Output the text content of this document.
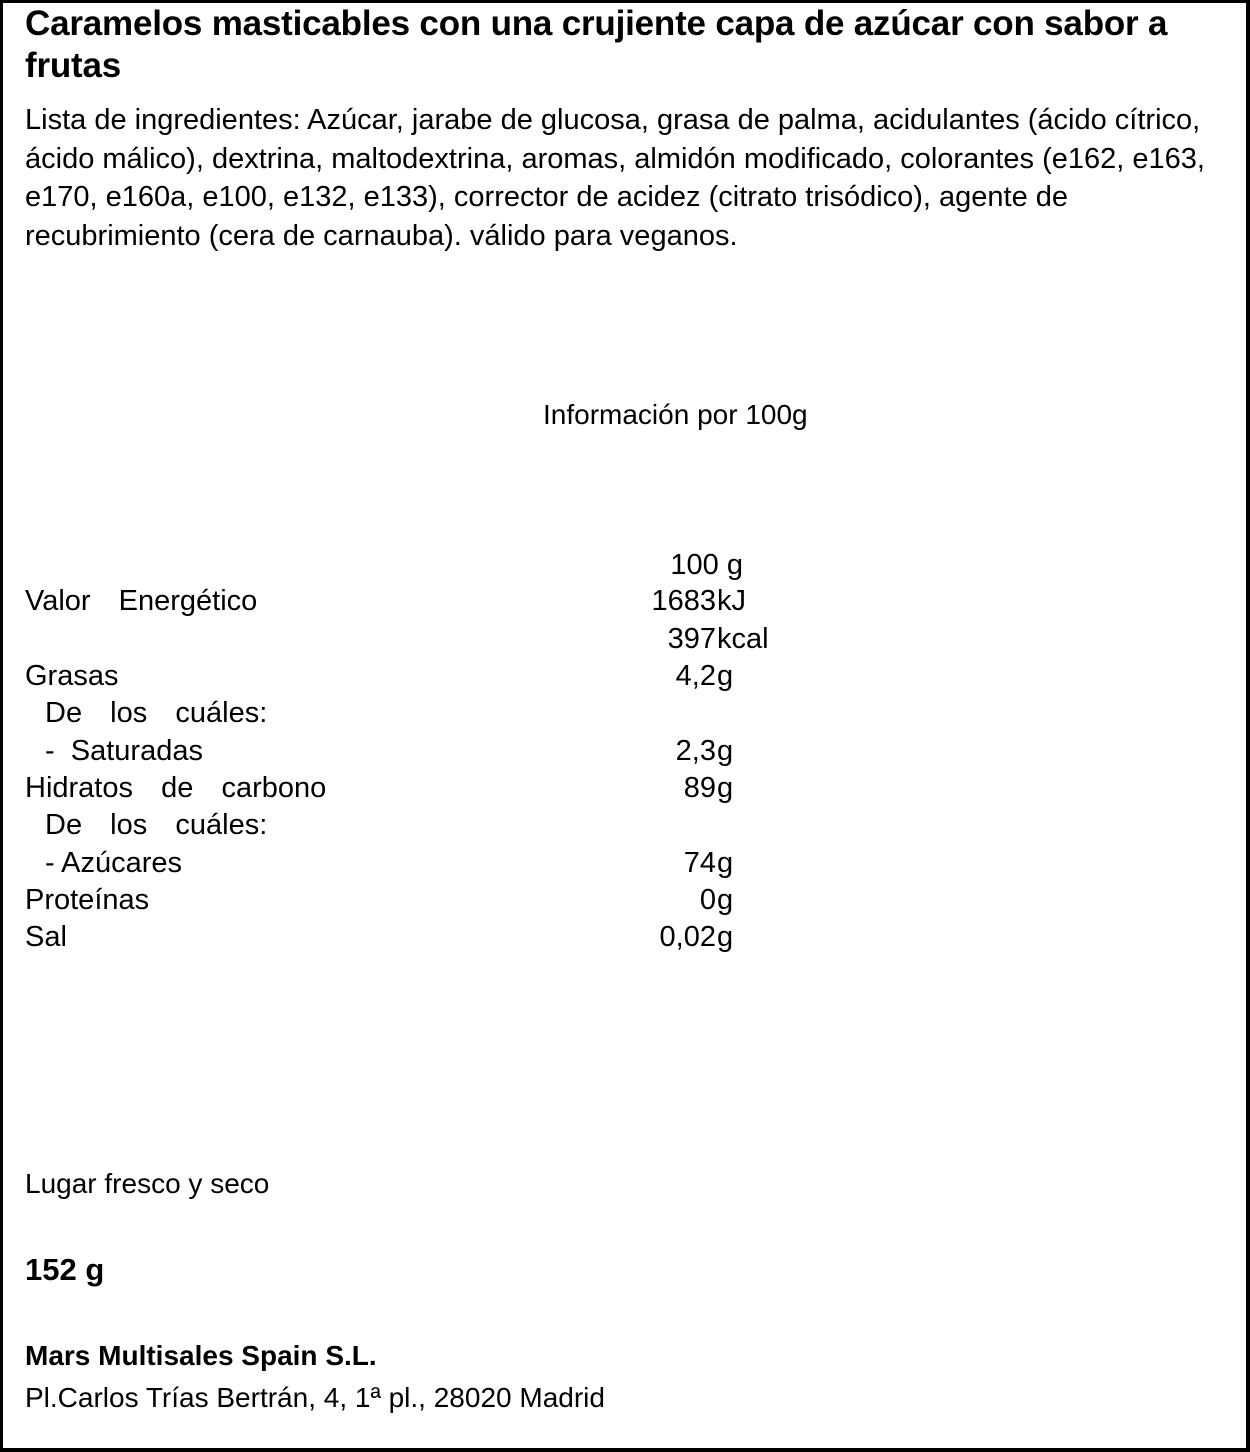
Caramelos masticables con una crujiente capa de azúcar con sabor a frutas

Lista de ingredientes: Azúcar, jarabe de glucosa, grasa de palma, acidulantes (ácido cítrico, ácido málico), dextrina, maltodextrina, aromas, almidón modificado, colorantes (e162, e163, e170, e160a, e100, e132, e133), corrector de acidez (citrato trisódico), agente de recubrimiento (cera de carnauba). válido para veganos.

Información por 100g
100 g
Valor  Energético	1683 kJ
397 kcal
Grasas	4,2 g
De  los  cuáles:
-  Saturadas	2,3 g
Hidratos  de  carbono	89 g
De  los  cuáles:
- Azúcares	74 g
Proteínas	0 g
Sal	0,02 g
Lugar fresco y seco
152 g
Mars Multisales Spain S.L.
Pl.Carlos Trías Bertrán, 4, 1ª pl., 28020 Madrid
